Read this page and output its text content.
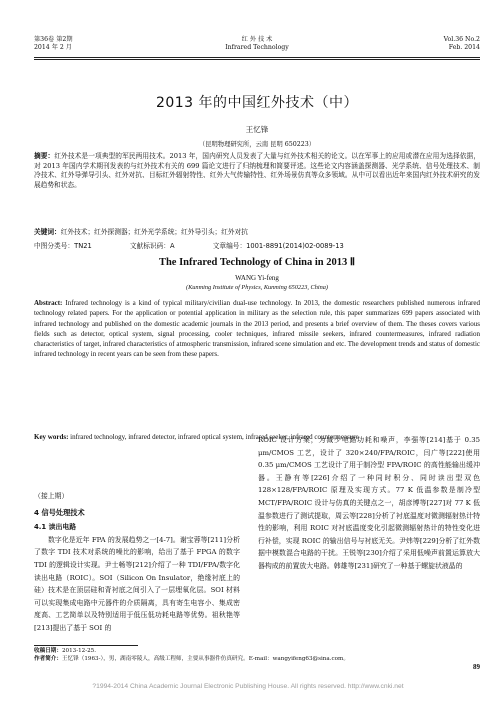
第36卷 第2期
2014 年 2 月
红 外 技 术
Infrared Technology
Vol.36 No.2
Feb. 2014
2013 年的中国红外技术（中）
王忆锋
（昆明物理研究所，云南 昆明 650223）
摘要：红外技术是一项典型的军民两用技术。2013 年，国内研究人员发表了大量与红外技术相关的论文。以在军事上的应用或潜在应用为选择依据，对 2013 年国内学术期刊发表的与红外技术有关的 699 篇论文进行了归纳梳理和简要评述。这些论文内容涵盖探测器、光学系统、信号处理技术、制冷技术、红外导弹导引头、红外对抗、目标红外辐射特性、红外大气传输特性、红外场景仿真等众多领域。从中可以看出近年来国内红外技术研究的发展趋势和状态。
关键词：红外技术；红外探测器；红外光学系统；红外导引头；红外对抗
中图分类号：TN21	文献标识码：A	文章编号：1001-8891(2014)02-0089-13
The Infrared Technology of China in 2013 Ⅱ
WANG Yi-feng
(Kunming Institute of Physics, Kunming 650223, China)
Abstract: Infrared technology is a kind of typical military/civilian dual-use technology. In 2013, the domestic researchers published numerous infrared technology related papers. For the application or potential application in military as the selection rule, this paper summarizes 699 papers associated with infrared technology and published on the domestic academic journals in the 2013 period, and presents a brief overview of them. The theses covers various fields such as detector, optical system, signal processing, cooler techniques, infrared missile seekers, infrared countermeasures, infrared radiation characteristics of target, infrared characteristics of atmospheric transmission, infrared scene simulation and etc. The development trends and status of domestic infrared technology in recent years can be seen from these papers.
Key words: infrared technology, infrared detector, infrared optical system, infrared seeker, infrared countermeasure
（接上期）
4 信号处理技术
4.1 读出电路

数字化是近年 FPA 的发展趋势之一[4-7]。谢宝蓉等[211]分析了数字 TDI 技术对系统的噪比的影响，给出了基于 FPGA 的数字 TDI 的逻辑设计实现。尹士畅等[212]介绍了一种 TDI/FPA/数字化读出电路（ROIC）。SOI（Silicon On Insulator，绝缘衬底上的硅）技术是在顶层硅和背衬底之间引入了一层埋氧化层。SOI 材料可以实现集成电路中元器件的介质隔离，具有寄生电容小、集成密度高、工艺简单以及特别适用于低压低功耗电路等优势。祖秋艳等[213]提出了基于 SOI 的

ROIC 设计方案，为减少电路功耗和噪声，李强等[214]基于 0.35 μm/CMOS 工艺，设计了 320×240/FPA/ROIC，闫广等[222]使用 0.35 μm/CMOS 工艺设计了用于制冷型 FPA/ROIC 的高性能输出缓冲器。王静有等[226]介绍了一种同时积分、同时读出型双色 128×128/FPA/ROIC 原理及实现方式。77 K 低温参数是制冷型 MCT/FPA/ROIC 设计与仿真的关键点之一，胡彦博等[227]对 77 K 低温参数进行了测试提取，周云等[228]分析了衬底温度对微测辐射热计特性的影响，利用 ROIC 对衬底温度变化引起微测辐射热计的特性变化进行补偿，实现 ROIC 的输出信号与衬底无关。尹炜等[229]分析了红外数据中模数混合电路的干扰。王锐等[230]介绍了采用低噪声前置运算放大器构成的前置放大电路。韩雄等[231]研究了一种基于螺旋状液晶的
收稿日期：2013-12-25.
作者简介：王忆锋（1963-），男，湖南零陵人，高级工程师，主要从事器件仿真研究。E-mail：wangyifeng63@sina.com。
89
?1994-2014 China Academic Journal Electronic Publishing House. All rights reserved. http://www.cnki.net
